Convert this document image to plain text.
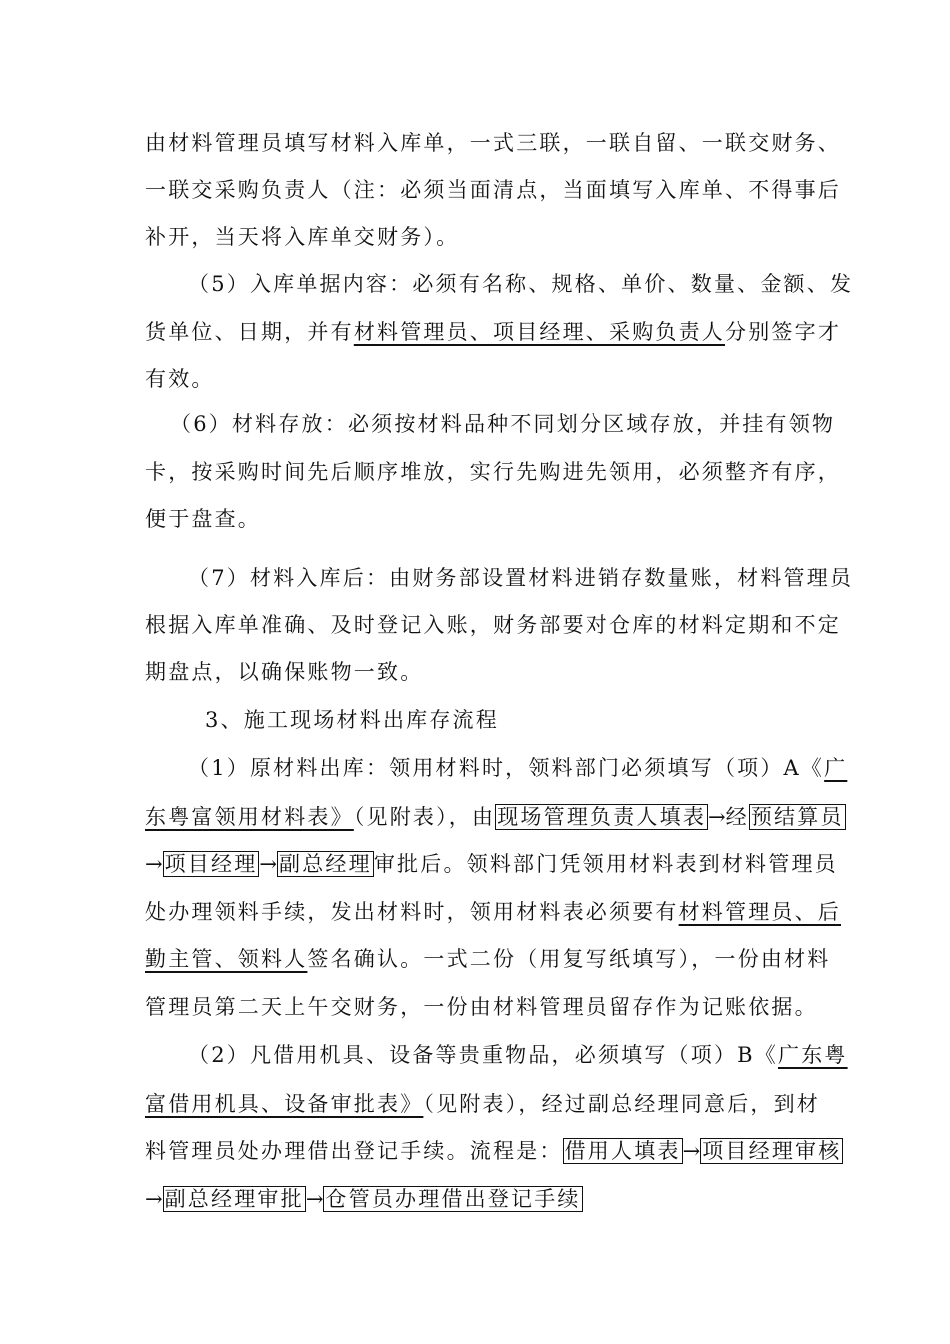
由材料管理员填写材料入库单，一式三联，一联自留、一联交财务、
一联交采购负责人（注：必须当面清点，当面填写入库单、不得事后
补开，当天将入库单交财务）。
（5）入库单据内容：必须有名称、规格、单价、数量、金额、发
货单位、日期，并有材料管理员、项目经理、采购负责人分别签字才
有效。
（6）材料存放：必须按材料品种不同划分区域存放，并挂有领物
卡，按采购时间先后顺序堆放，实行先购进先领用，必须整齐有序，
便于盘查。
（7）材料入库后：由财务部设置材料进销存数量账，材料管理员
根据入库单准确、及时登记入账，财务部要对仓库的材料定期和不定
期盘点，以确保账物一致。
3、施工现场材料出库存流程
（1）原材料出库：领用材料时，领料部门必须填写（项）A《广
东粤富领用材料表》（见附表），由现场管理负责人填表→经预结算员
→项目经理→副总经理审批后。领料部门凭领用材料表到材料管理员
处办理领料手续，发出材料时，领用材料表必须要有材料管理员、后
勤主管、领料人签名确认。一式二份（用复写纸填写），一份由材料
管理员第二天上午交财务，一份由材料管理员留存作为记账依据。
（2）凡借用机具、设备等贵重物品，必须填写（项）B《广东粤
富借用机具、设备审批表》（见附表），经过副总经理同意后，到材
料管理员处办理借出登记手续。流程是：借用人填表→项目经理审核
→副总经理审批→仓管员办理借出登记手续
